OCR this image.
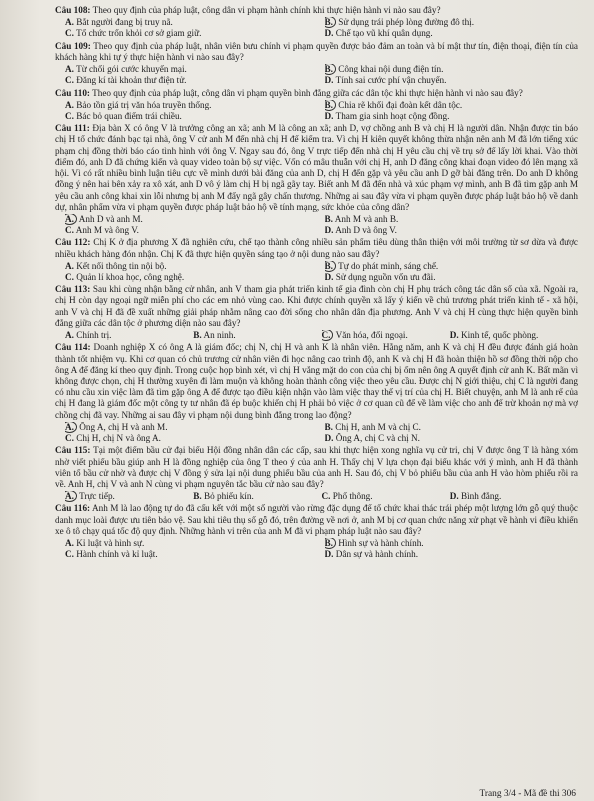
Câu 108: Theo quy định của pháp luật, công dân vi phạm hành chính khi thực hiện hành vi nào sau đây?

A. Bắt người đang bị truy nã.	B. Sử dụng trái phép lòng đường đô thị.
C. Tổ chức trốn khỏi cơ sở giam giữ.	D. Chế tạo vũ khí quân dụng.

Câu 109: Theo quy định của pháp luật, nhân viên bưu chính vi phạm quyền được bảo đảm an toàn và bí mật thư tín, điện thoại, điện tín của khách hàng khi tự ý thực hiện hành vi nào sau đây?

A. Từ chối gói cước khuyến mại.	B. Công khai nội dung điện tín.
C. Đăng kí tài khoản thư điện tử.	D. Tính sai cước phí vận chuyển.

Câu 110: Theo quy định của pháp luật, công dân vi phạm quyền bình đẳng giữa các dân tộc khi thực hiện hành vi nào sau đây?

A. Bảo tồn giá trị văn hóa truyền thống.	B. Chia rẽ khối đại đoàn kết dân tộc.
C. Bác bỏ quan điểm trái chiều.	D. Tham gia sinh hoạt cộng đồng.

Câu 111: Địa bàn X có ông V là trưởng công an xã; anh M là công an xã; anh D, vợ chồng anh B và chị H là người dân. Nhận được tin báo chị H tổ chức đánh bạc tại nhà, ông V cử anh M đến nhà chị H để kiểm tra. Vì chị H kiên quyết không thừa nhận nên anh M đã lớn tiếng xúc phạm chị đồng thời báo cáo tình hình với ông V. Ngay sau đó, ông V trực tiếp đến nhà chị H yêu cầu chị về trụ sở để lấy lời khai. Vào thời điểm đó, anh D đã chứng kiến và quay video toàn bộ sự việc. Vốn có mâu thuẫn với chị H, anh D đăng công khai đoạn video đó lên mạng xã hội. Vì có rất nhiều bình luận tiêu cực về mình dưới bài đăng của anh D, chị H đến gặp và yêu cầu anh D gỡ bài đăng trên. Do anh D không đồng ý nên hai bên xảy ra xô xát, anh D vô ý làm chị H bị ngã gãy tay. Biết anh M đã đến nhà và xúc phạm vợ mình, anh B đã tìm gặp anh M yêu cầu anh công khai xin lỗi nhưng bị anh M đẩy ngã gây chấn thương. Những ai sau đây vừa vi phạm quyền được pháp luật bảo hộ về danh dự, nhân phẩm vừa vi phạm quyền được pháp luật bảo hộ về tính mạng, sức khỏe của công dân?

A. Anh D và anh M.	B. Anh M và anh B.
C. Anh M và ông V.	D. Anh D và ông V.

Câu 112: Chị K ở địa phương X đã nghiên cứu, chế tạo thành công nhiều sản phẩm tiêu dùng thân thiện với môi trường từ sơ dừa và được nhiều khách hàng đón nhận. Chị K đã thực hiện quyền sáng tạo ở nội dung nào sau đây?

A. Kết nối thông tin nội bộ.	B. Tự do phát minh, sáng chế.
C. Quản lí khoa học, công nghệ.	D. Sử dụng nguồn vốn ưu đãi.

Câu 113: Sau khi cùng nhận bằng cử nhân, anh V tham gia phát triển kinh tế gia đình còn chị H phụ trách công tác dân số của xã. Ngoài ra, chị H còn dạy ngoại ngữ miễn phí cho các em nhỏ vùng cao. Khi được chính quyền xã lấy ý kiến về chủ trương phát triển kinh tế - xã hội, anh V và chị H đã đề xuất những giải pháp nhằm nâng cao đời sống cho nhân dân địa phương. Anh V và chị H cùng thực hiện quyền bình đẳng giữa các dân tộc ở phương diện nào sau đây?

A. Chính trị.	B. An ninh.	C. Văn hóa, đối ngoại.	D. Kinh tế, quốc phòng.

Câu 114: Doanh nghiệp X có ông A là giám đốc; chị N, chị H và anh K là nhân viên. Hằng năm, anh K và chị H đều được đánh giá hoàn thành tốt nhiệm vụ. Khi cơ quan có chủ trương cử nhân viên đi học nâng cao trình độ, anh K và chị H đã hoàn thiện hồ sơ đồng thời nộp cho ông A để đăng kí theo quy định. Trong cuộc họp bình xét, vì chị H vắng mặt do con của chị bị ốm nên ông A quyết định cử anh K. Bất mãn vì không được chọn, chị H thường xuyên đi làm muộn và không hoàn thành công việc theo yêu cầu. Được chị N giới thiệu, chị C là người đang có nhu cầu xin việc làm đã tìm gặp ông A để được tạo điều kiện nhận vào làm việc thay thế vị trí của chị H. Biết chuyện, anh M là anh rể của chị H đang là giám đốc một công ty tư nhân đã ép buộc khiến chị H phải bỏ việc ở cơ quan cũ để về làm việc cho anh để trừ khoản nợ mà vợ chồng chị đã vay. Những ai sau đây vi phạm nội dung bình đẳng trong lao động?

A. Ông A, chị H và anh M.	B. Chị H, anh M và chị C.
C. Chị H, chị N và ông A.	D. Ông A, chị C và chị N.

Câu 115: Tại một điểm bầu cử đại biểu Hội đồng nhân dân các cấp, sau khi thực hiện xong nghĩa vụ cử tri, chị V được ông T là hàng xóm nhờ viết phiếu bầu giúp anh H là đồng nghiệp của ông T theo ý của anh H. Thấy chị V lựa chọn đại biểu khác với ý mình, anh H đã thành viên tổ bầu cử nhờ và được chị V đồng ý sửa lại nội dung phiếu bầu của anh H. Sau đó, chị V bỏ phiếu bầu của anh H vào hòm phiếu rồi ra về. Anh H, chị V và anh N cùng vi phạm nguyên tắc bầu cử nào sau đây?

A. Trực tiếp.	B. Bỏ phiếu kín.	C. Phổ thông.	D. Bình đẳng.

Câu 116: Anh M là lao động tự do đã cấu kết với một số người vào rừng đặc dụng để tổ chức khai thác trái phép một lượng lớn gỗ quý thuộc danh mục loài được ưu tiên bảo vệ. Sau khi tiêu thụ số gỗ đó, trên đường về nơi ở, anh M bị cơ quan chức năng xử phạt về hành vi điều khiển xe ô tô chạy quá tốc độ quy định. Những hành vi trên của anh M đã vi phạm pháp luật nào sau đây?

A. Kỉ luật và hình sự.	B. Hình sự và hành chính.
C. Hành chính và kỉ luật.	D. Dân sự và hành chính.
Trang 3/4 - Mã đề thi 306
